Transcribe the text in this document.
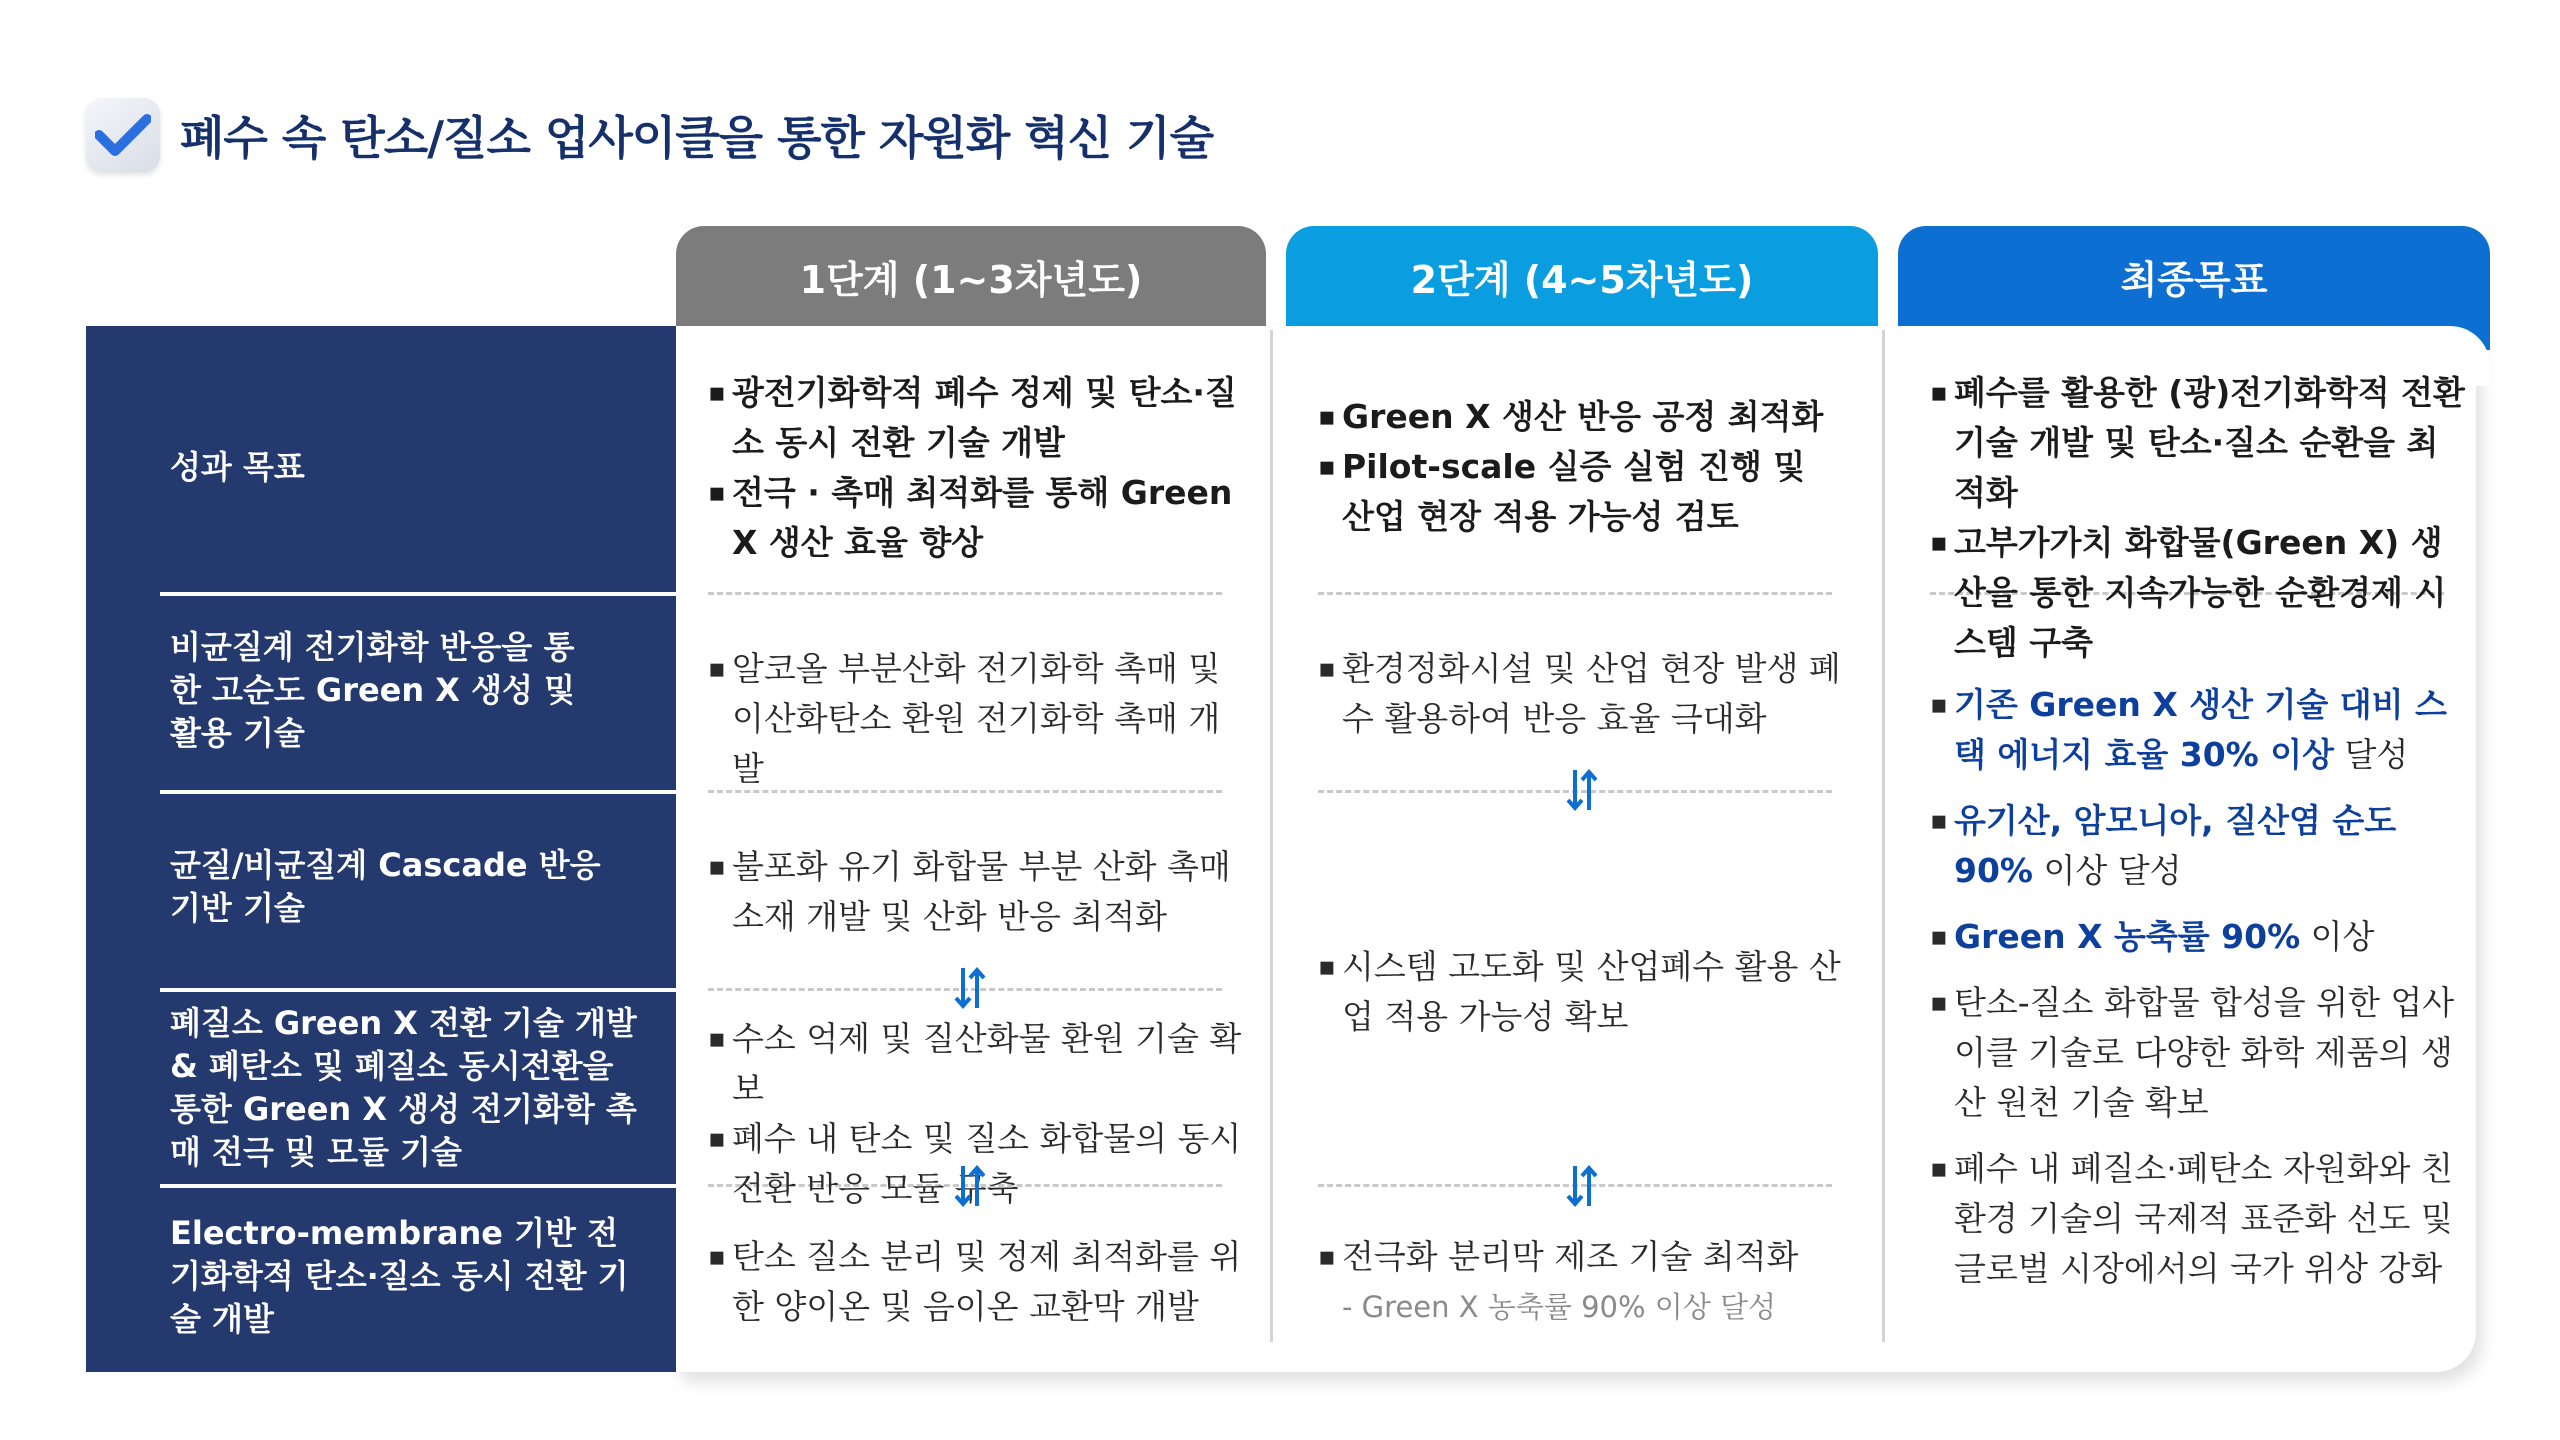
폐수 속 탄소/질소 업사이클을 통한 자원화 혁신 기술
1단계 (1~3차년도)	2단계 (4~5차년도)	최종목표
성과 목표
비균질계 전기화학 반응을 통한 고순도 Green X 생성 및 활용 기술
균질/비균질계 Cascade 반응 기반 기술
폐질소 Green X 전환 기술 개발 & 폐탄소 및 폐질소 동시전환을 통한 Green X 생성 전기화학 촉매 전극 및 모듈 기술
Electro-membrane 기반 전기화학적 탄소·질소 동시 전환 기술 개발

▪ 광전기화학적 폐수 정제 및 탄소·질소 동시 전환 기술 개발

▪ 전극 · 촉매 최적화를 통해 Green X 생산 효율 향상

▪ 알코올 부분산화 전기화학 촉매 및 이산화탄소 환원 전기화학 촉매 개발

▪ 불포화 유기 화합물 부분 산화 촉매 소재 개발 및 산화 반응 최적화

▪ 수소 억제 및 질산화물 환원 기술 확보

▪ 폐수 내 탄소 및 질소 화합물의 동시 전환 반응 모듈 구축

▪ 탄소 질소 분리 및 정제 최적화를 위한 양이온 및 음이온 교환막 개발

▪ Green X 생산 반응 공정 최적화

▪ Pilot-scale 실증 실험 진행 및 산업 현장 적용 가능성 검토

▪ 환경정화시설 및 산업 현장 발생 폐수 활용하여 반응 효율 극대화

▪ 시스템 고도화 및 산업폐수 활용 산업 적용 가능성 확보

▪ 전극화 분리막 제조 기술 최적화

- Green X 농축률 90% 이상 달성

▪ 폐수를 활용한 (광)전기화학적 전환 기술 개발 및 탄소·질소 순환을 최적화

▪ 고부가가치 화합물(Green X) 생산을 통한 지속가능한 순환경제 시스템 구축

▪ 기존 Green X 생산 기술 대비 스택 에너지 효율 30% 이상 달성

▪ 유기산, 암모니아, 질산염 순도 90% 이상 달성

▪ Green X 농축률 90% 이상

▪ 탄소-질소 화합물 합성을 위한 업사이클 기술로 다양한 화학 제품의 생산 원천 기술 확보

▪ 폐수 내 폐질소·폐탄소 자원화와 친환경 기술의 국제적 표준화 선도 및 글로벌 시장에서의 국가 위상 강화
